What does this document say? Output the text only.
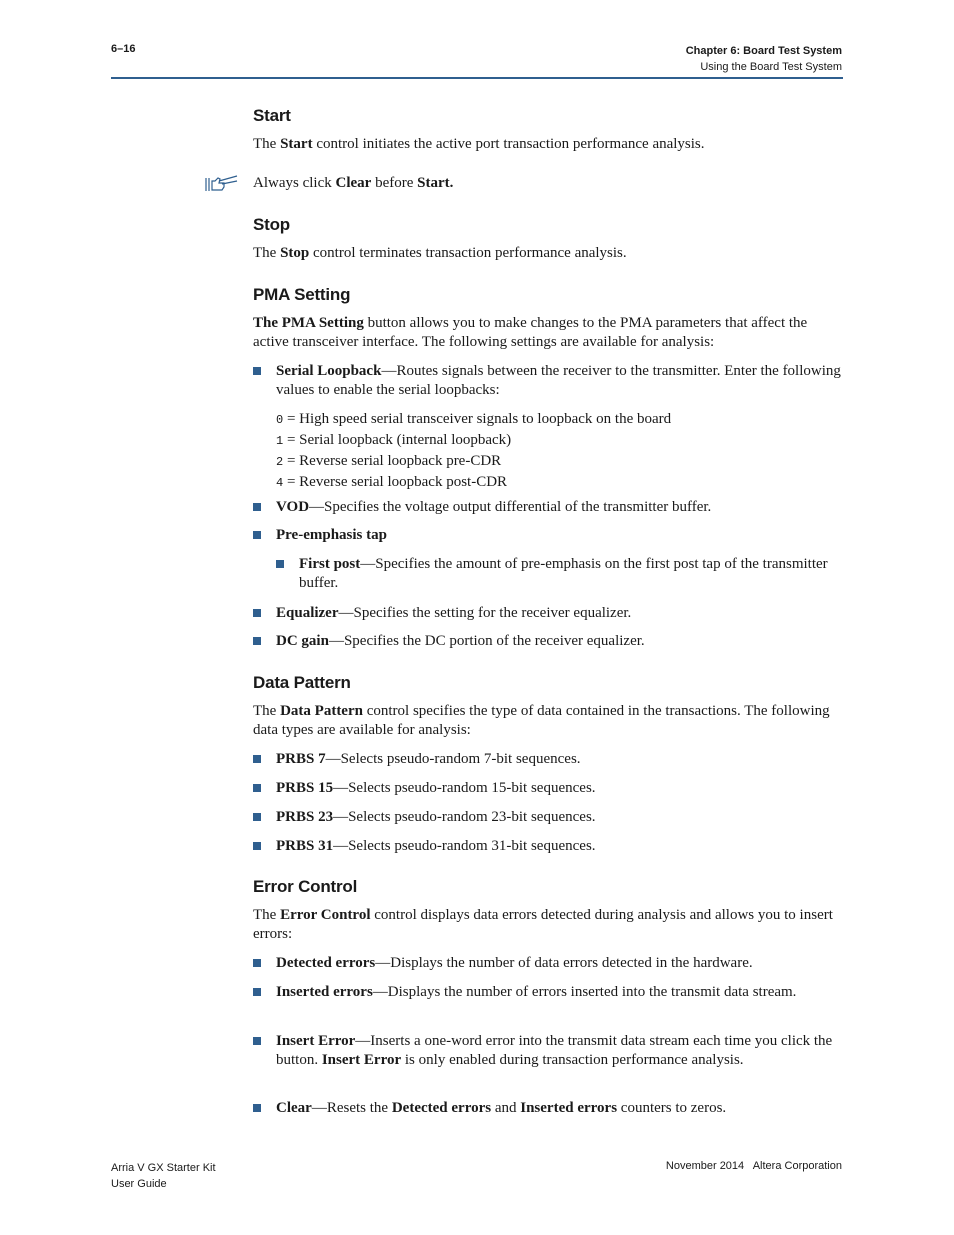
6–16	Chapter 6: Board Test System
Using the Board Test System
Always click Clear before Start.
Start

The Start control initiates the active port transaction performance analysis.

Stop

The Stop control terminates transaction performance analysis.

PMA Setting

The PMA Setting button allows you to make changes to the PMA parameters that affect the active transceiver interface. The following settings are available for analysis:

Serial Loopback—Routes signals between the receiver to the transmitter. Enter the following values to enable the serial loopbacks:
0 = High speed serial transceiver signals to loopback on the board
1 = Serial loopback (internal loopback)
2 = Reverse serial loopback pre-CDR
4 = Reverse serial loopback post-CDR
VOD—Specifies the voltage output differential of the transmitter buffer.
Pre-emphasis tap
First post—Specifies the amount of pre-emphasis on the first post tap of the transmitter buffer.
Equalizer—Specifies the setting for the receiver equalizer.
DC gain—Specifies the DC portion of the receiver equalizer.
Data Pattern

The Data Pattern control specifies the type of data contained in the transactions. The following data types are available for analysis:

PRBS 7—Selects pseudo-random 7-bit sequences.
PRBS 15—Selects pseudo-random 15-bit sequences.
PRBS 23—Selects pseudo-random 23-bit sequences.
PRBS 31—Selects pseudo-random 31-bit sequences.
Error Control

The Error Control control displays data errors detected during analysis and allows you to insert errors:

Detected errors—Displays the number of data errors detected in the hardware.
Inserted errors—Displays the number of errors inserted into the transmit data stream.
Insert Error—Inserts a one-word error into the transmit data stream each time you click the button. Insert Error is only enabled during transaction performance analysis.
Clear—Resets the Detected errors and Inserted errors counters to zeros.
Arria V GX Starter Kit
User Guide
November 2014   Altera Corporation
